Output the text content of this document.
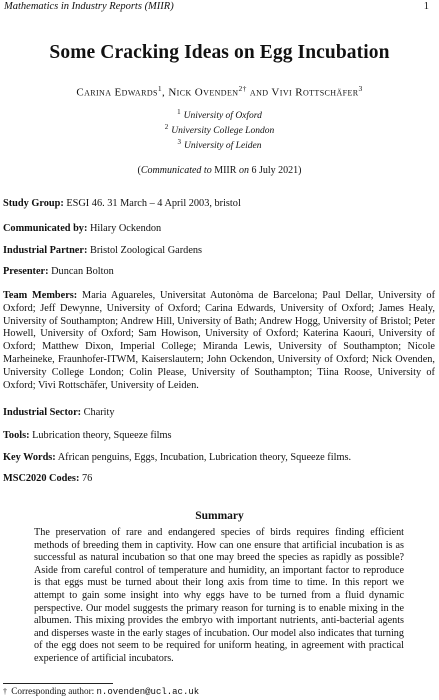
Mathematics in Industry Reports (MIIR)	1
Some Cracking Ideas on Egg Incubation
Carina Edwards$^1$, Nick Ovenden$^{2\dagger}$ and Vivi Rottschäfer$^3$
$^1$ University of Oxford
$^2$ University College London
$^3$ University of Leiden
(Communicated to MIIR on 6 July 2021)
Study Group: ESGI 46. 31 March – 4 April 2003, bristol
Communicated by: Hilary Ockendon
Industrial Partner: Bristol Zoological Gardens
Presenter: Duncan Bolton
Team Members: Maria Aguareles, Universitat Autonòma de Barcelona; Paul Dellar, University of Oxford; Jeff Dewynne, University of Oxford; Carina Edwards, University of Oxford; James Healy, University of Southampton; Andrew Hill, University of Bath; Andrew Hogg, University of Bristol; Peter Howell, University of Oxford; Sam Howison, University of Oxford; Katerina Kaouri, University of Oxford; Matthew Dixon, Imperial College; Miranda Lewis, University of Southampton; Nicole Marheineke, Fraunhofer-ITWM, Kaiserslautern; John Ockendon, University of Oxford; Nick Ovenden, University College London; Colin Please, University of Southampton; Tiina Roose, University of Oxford; Vivi Rottschäfer, University of Leiden.
Industrial Sector: Charity
Tools: Lubrication theory, Squeeze films
Key Words: African penguins, Eggs, Incubation, Lubrication theory, Squeeze films.
MSC2020 Codes: 76
Summary
The preservation of rare and endangered species of birds requires finding efficient methods of breeding them in captivity. How can one ensure that artificial incubation is as successful as natural incubation so that one may breed the species as rapidly as possible? Aside from careful control of temperature and humidity, an important factor to reproduce is that eggs must be turned about their long axis from time to time. In this report we attempt to gain some insight into why eggs have to be turned from a fluid dynamic perspective. Our model suggests the primary reason for turning is to enable mixing in the albumen. This mixing provides the embryo with important nutrients, anti-bacterial agents and disperses waste in the early stages of incubation. Our model also indicates that turning of the egg does not seem to be required for uniform heating, in agreement with practical experience of artificial incubators.
† Corresponding author: n.ovenden@ucl.ac.uk
